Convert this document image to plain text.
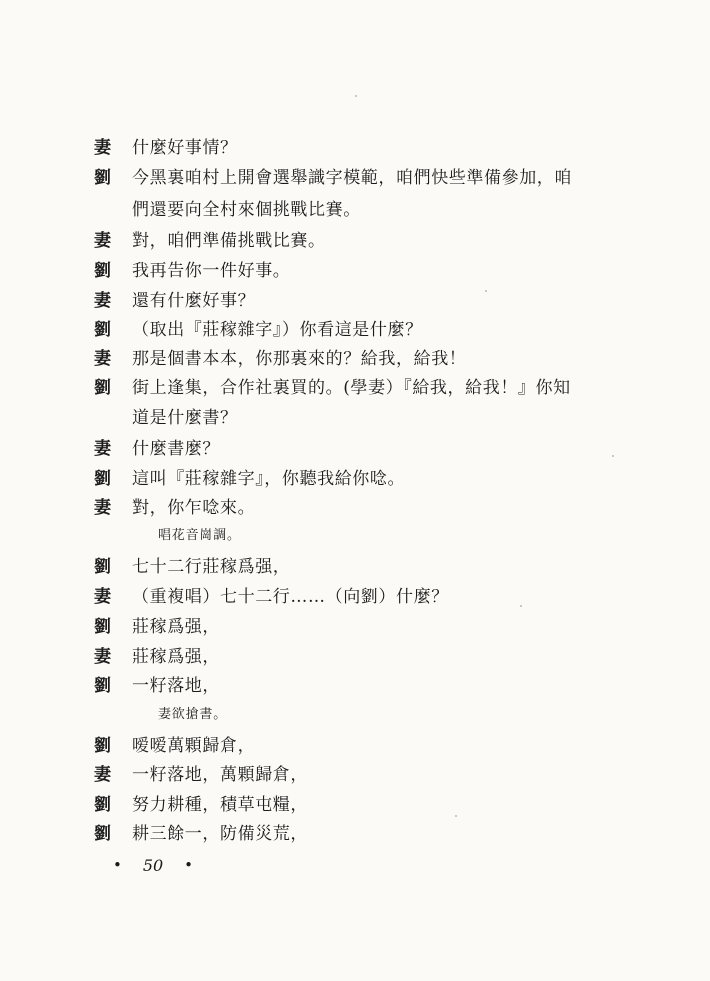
妻	什麼好事情？
劉	今黑裏咱村上開會選舉識字模範，咱們快些準備參加，咱
們還要向全村來個挑戰比賽。
妻	對，咱們準備挑戰比賽。
劉	我再告你一件好事。
妻	還有什麼好事？
劉	（取出『莊稼雜字』）你看這是什麼？
妻	那是個書本本，你那裏來的？給我，給我！
劉	街上逢集，合作社裏買的。(學妻）『給我，給我！』你知
道是什麼書？
妻	什麼書麼？
劉	這叫『莊稼雜字』，你聽我給你唸。
妻	對，你乍唸來。
唱花音崗調。
劉	七十二行莊稼爲强，
妻	（重複唱）七十二行……（向劉）什麼？
劉	莊稼爲强，
妻	莊稼爲强，
劉	一籽落地，
妻欲搶書。
劉	嗳嗳萬顆歸倉，
妻	一籽落地，萬顆歸倉，
劉	努力耕種，積草屯糧，
劉	耕三餘一，防備災荒，
• 50 •
